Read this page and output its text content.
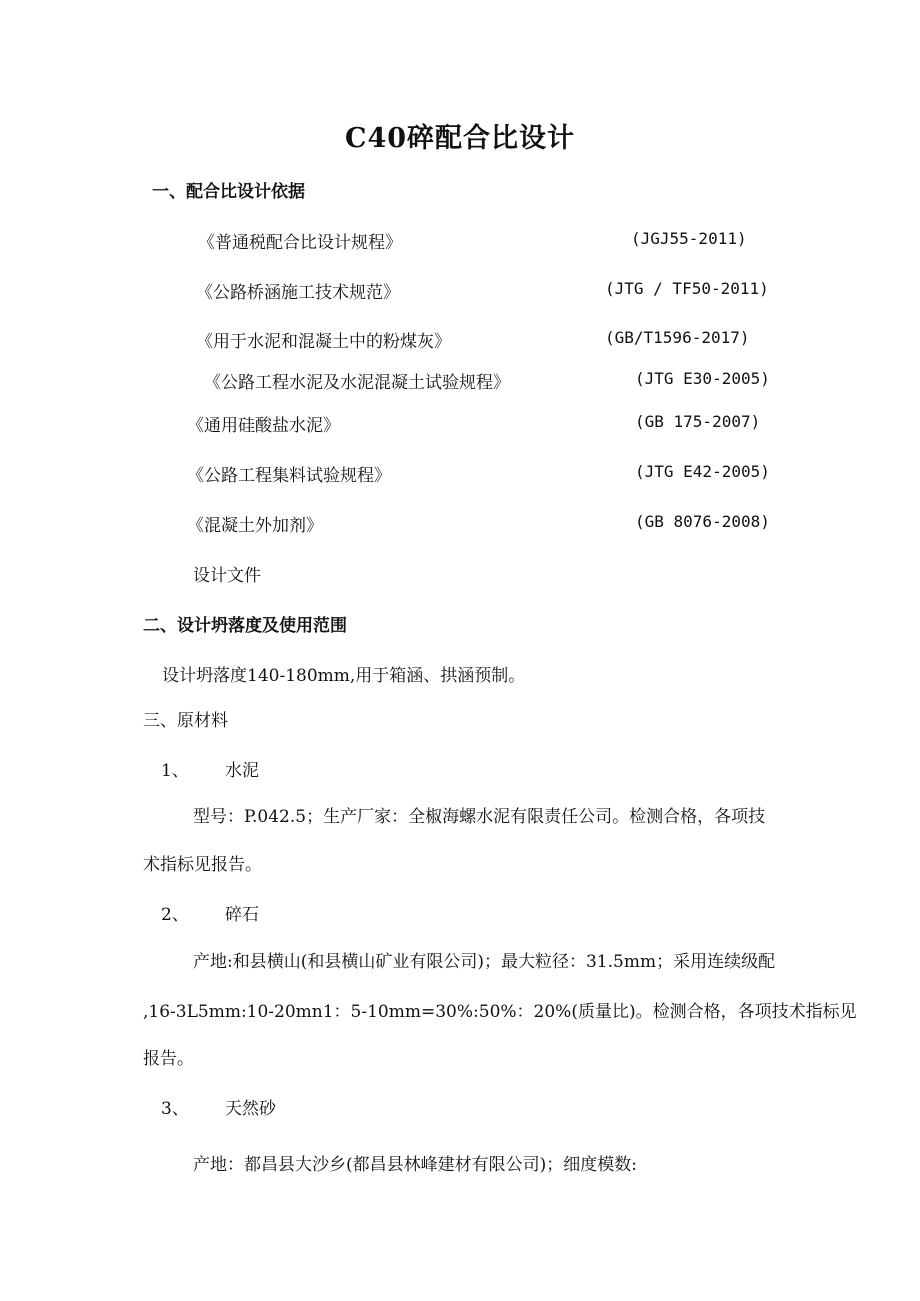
C40碎配合比设计
一、配合比设计依据
《普通税配合比设计规程》	(JGJ55-2011)
《公路桥涵施工技术规范》	(JTG / TF50-2011)
《用于水泥和混凝土中的粉煤灰》	(GB/T1596-2017)
《公路工程水泥及水泥混凝土试验规程》	(JTG E30-2005)
《通用硅酸盐水泥》	(GB 175-2007)
《公路工程集料试验规程》	(JTG E42-2005)
《混凝土外加剂》	(GB 8076-2008)
设计文件
二、设计坍落度及使用范围
设计坍落度140-180mm,用于箱涵、拱涵预制。
三、原材料
1、 水泥
型号：P.042.5；生产厂家：全椒海螺水泥有限责任公司。检测合格，各项技
术指标见报告。
2、 碎石
产地:和县横山(和县横山矿业有限公司)；最大粒径：31.5mm；采用连续级配
,16-3L5mm:10-20mn1：5-10mm=30%:50%：20%(质量比)。检测合格，各项技术指标见
报告。
3、 天然砂
产地：都昌县大沙乡(都昌县林峰建材有限公司)；细度模数:
